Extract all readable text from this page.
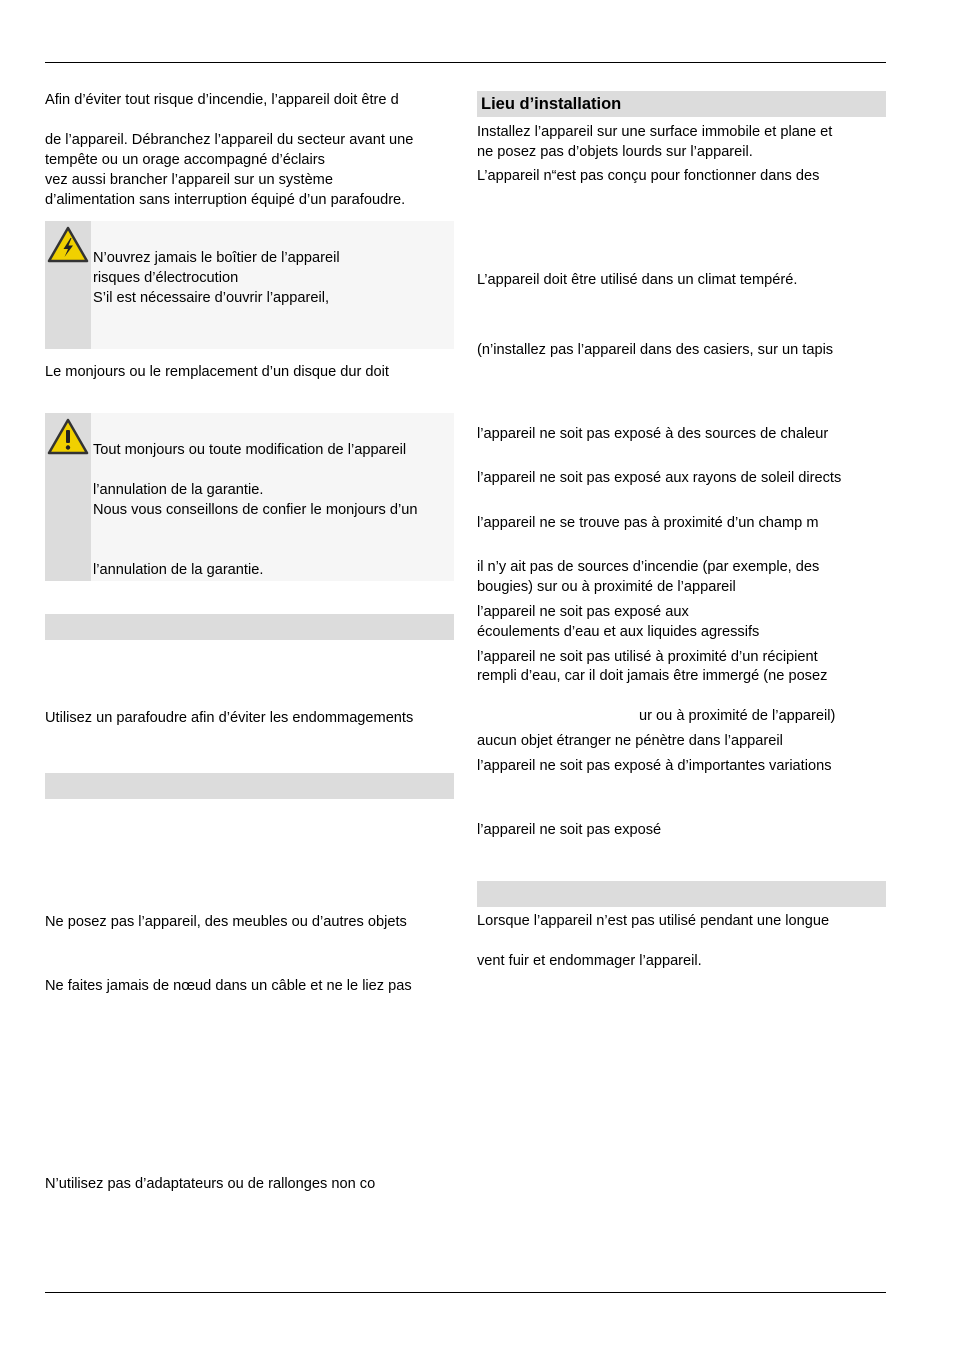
Afin d’éviter tout risque d’incendie, l’appareil doit être d
de l’appareil. Débranchez l’appareil du secteur avant une
tempête ou un orage accompagné d’éclairs
vez aussi brancher l’appareil sur un système
d’alimentation sans interruption équipé d’un parafoudre.
N’ouvrez jamais le boîtier de l’appareil
risques d’électrocution
S’il est nécessaire d’ouvrir l’appareil,
Le monjours ou le remplacement d’un disque dur doit
Tout monjours ou toute modification de l’appareil
l’annulation de la garantie.
Nous vous conseillons de confier le monjours d’un
l’annulation de la garantie.
Utilisez un parafoudre afin d’éviter les endommagements
Ne posez pas l’appareil, des meubles ou d’autres objets
Ne faites jamais de nœud dans un câble et ne le liez pas
N’utilisez pas d’adaptateurs ou de rallonges non co
Lieu d’installation
Installez l’appareil sur une surface immobile et plane et
ne posez pas d’objets lourds sur l’appareil.
L’appareil n“est pas conçu pour fonctionner dans des
L’appareil doit être utilisé dans un climat tempéré.
(n’installez pas l’appareil dans des casiers, sur un tapis
l’appareil ne soit pas exposé à des sources de chaleur
l’appareil ne soit pas exposé aux rayons de soleil directs
l’appareil ne se trouve pas à proximité d’un champ m
il n’y ait pas de sources d’incendie (par exemple, des
bougies) sur ou à proximité de l’appareil
l’appareil ne soit pas exposé aux
écoulements d’eau et aux liquides agressifs
l’appareil ne soit pas utilisé à proximité d’un récipient
rempli d’eau, car il doit jamais être immergé (ne posez
ur ou à proximité de l’appareil)
aucun objet étranger ne pénètre dans l’appareil
l’appareil ne soit pas exposé à d’importantes variations
l’appareil ne soit pas exposé
Lorsque l’appareil n’est pas utilisé pendant une longue
vent fuir et endommager l’appareil.
